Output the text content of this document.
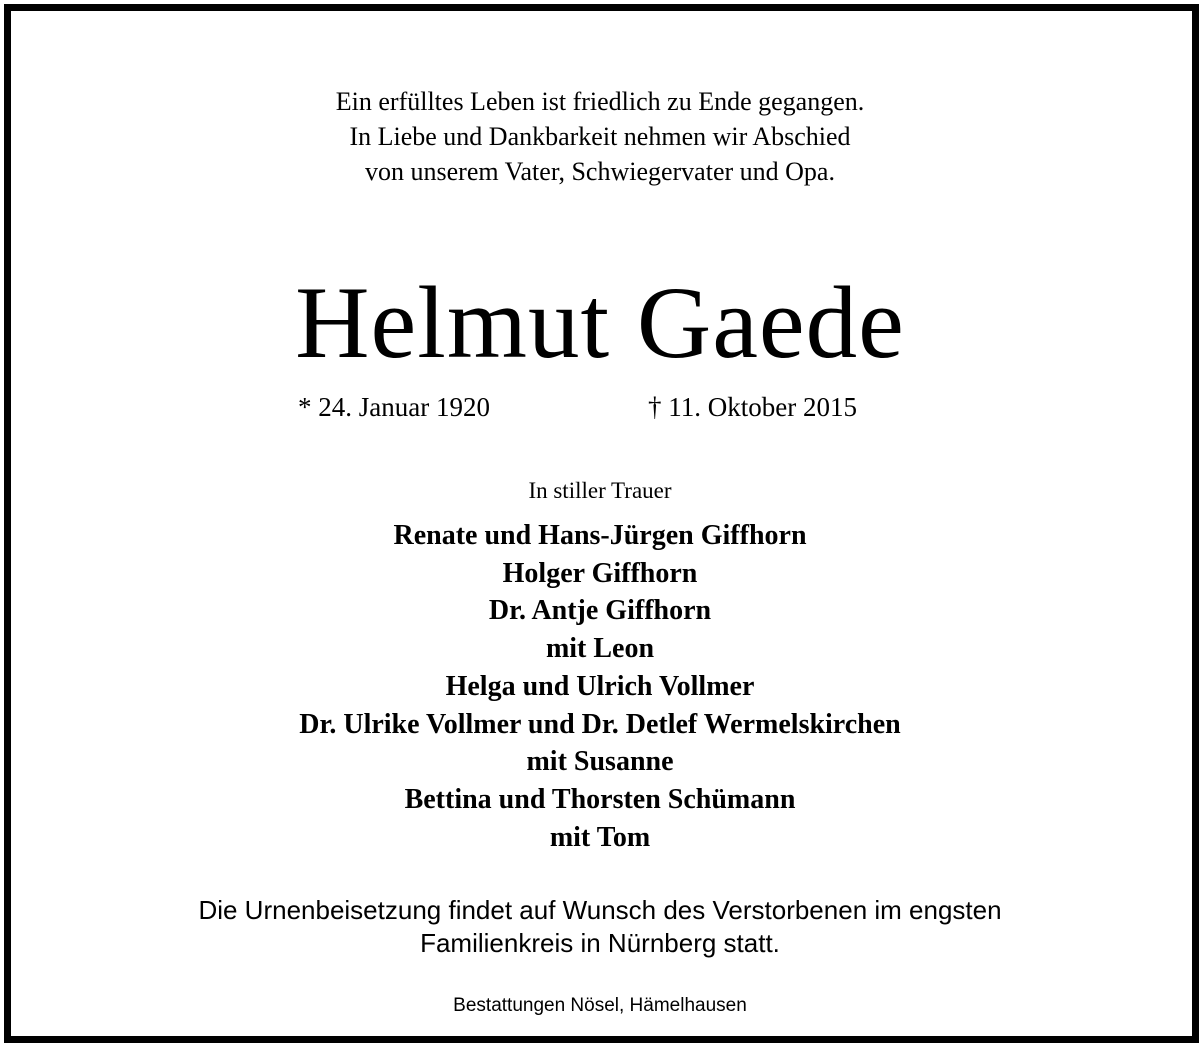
Ein erfülltes Leben ist friedlich zu Ende gegangen.
In Liebe und Dankbarkeit nehmen wir Abschied
von unserem Vater, Schwiegervater und Opa.
Helmut Gaede
* 24. Januar 1920	† 11. Oktober 2015
In stiller Trauer
Renate und Hans-Jürgen Giffhorn
Holger Giffhorn
Dr. Antje Giffhorn
mit Leon
Helga und Ulrich Vollmer
Dr. Ulrike Vollmer und Dr. Detlef Wermelskirchen
mit Susanne
Bettina und Thorsten Schümann
mit Tom
Die Urnenbeisetzung findet auf Wunsch des Verstorbenen im engsten
Familienkreis in Nürnberg statt.
Bestattungen Nösel, Hämelhausen
